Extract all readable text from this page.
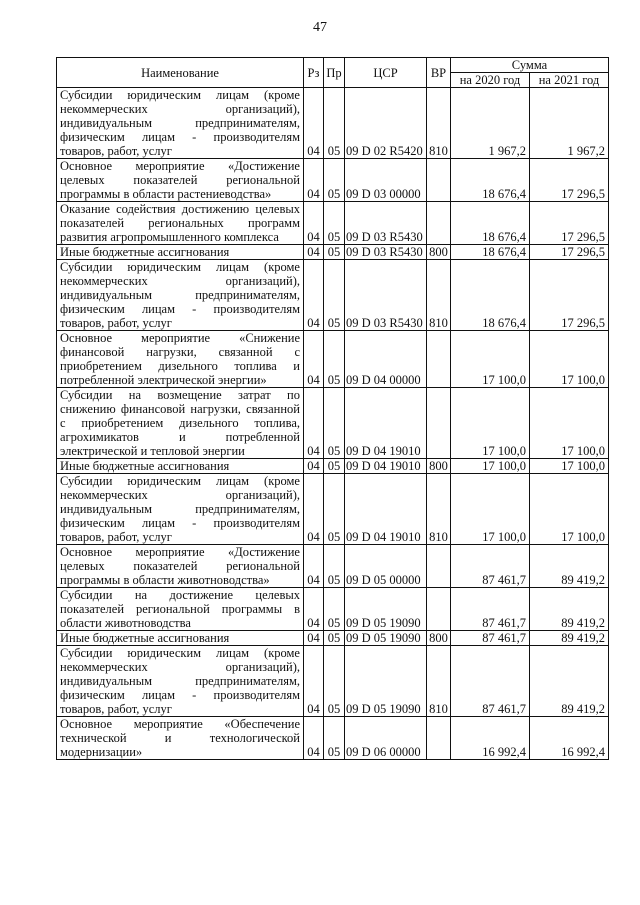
47
Наименование	Рз	Пр	ЦСР	ВР	Сумма	
					на 2020 год	на 2021 год
Субсидии юридическим лицам (кроме некоммерческих организаций), индивидуальным предпринимателям, физическим лицам - производителям товаров, работ, услуг	04	05	09 D 02 R5420	810	1 967,2	1 967,2
Основное мероприятие «Достижение целевых показателей региональной программы в области растениеводства»	04	05	09 D 03 00000		18 676,4	17 296,5
Оказание содействия достижению целевых показателей региональных программ развития агропромышленного комплекса	04	05	09 D 03 R5430		18 676,4	17 296,5
Иные бюджетные ассигнования	04	05	09 D 03 R5430	800	18 676,4	17 296,5
Субсидии юридическим лицам (кроме некоммерческих организаций), индивидуальным предпринимателям, физическим лицам - производителям товаров, работ, услуг	04	05	09 D 03 R5430	810	18 676,4	17 296,5
Основное мероприятие «Снижение финансовой нагрузки, связанной с приобретением дизельного топлива и потребленной электрической энергии»	04	05	09 D 04 00000		17 100,0	17 100,0
Субсидии на возмещение затрат по снижению финансовой нагрузки, связанной с приобретением дизельного топлива, агрохимикатов и потребленной электрической и тепловой энергии	04	05	09 D 04 19010		17 100,0	17 100,0
Иные бюджетные ассигнования	04	05	09 D 04 19010	800	17 100,0	17 100,0
Субсидии юридическим лицам (кроме некоммерческих организаций), индивидуальным предпринимателям, физическим лицам - производителям товаров, работ, услуг	04	05	09 D 04 19010	810	17 100,0	17 100,0
Основное мероприятие «Достижение целевых показателей региональной программы в области животноводства»	04	05	09 D 05 00000		87 461,7	89 419,2
Субсидии на достижение целевых показателей региональной программы в области животноводства	04	05	09 D 05 19090		87 461,7	89 419,2
Иные бюджетные ассигнования	04	05	09 D 05 19090	800	87 461,7	89 419,2
Субсидии юридическим лицам (кроме некоммерческих организаций), индивидуальным предпринимателям, физическим лицам - производителям товаров, работ, услуг	04	05	09 D 05 19090	810	87 461,7	89 419,2
Основное мероприятие «Обеспечение технической и технологической модернизации»	04	05	09 D 06 00000		16 992,4	16 992,4
